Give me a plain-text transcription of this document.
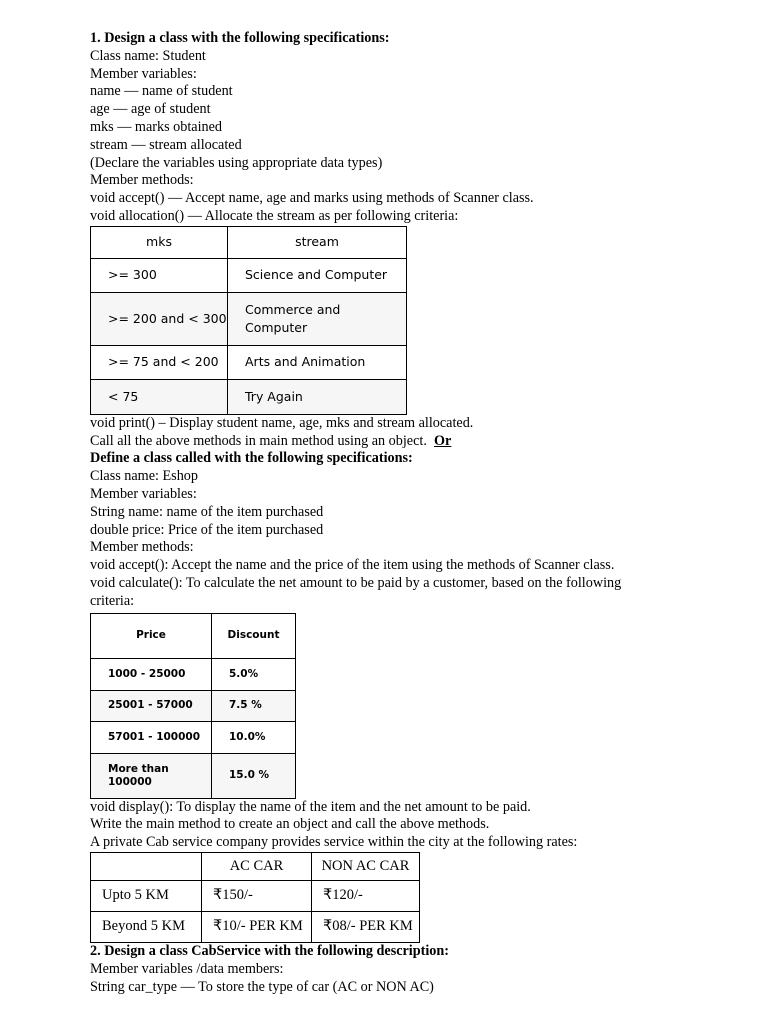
1. Design a class with the following specifications:
Class name: Student
Member variables:
name — name of student
age — age of student
mks — marks obtained
stream — stream allocated
(Declare the variables using appropriate data types)
Member methods:
void accept() — Accept name, age and marks using methods of Scanner class.
void allocation() — Allocate the stream as per following criteria:
mks	stream
>= 300	Science and Computer
>= 200 and < 300	Commerce and Computer
>= 75 and < 200	Arts and Animation
< 75	Try Again
void print() – Display student name, age, mks and stream allocated.
Call all the above methods in main method using an object. Or
Define a class called with the following specifications:
Class name: Eshop
Member variables:
String name: name of the item purchased
double price: Price of the item purchased
Member methods:
void accept(): Accept the name and the price of the item using the methods of Scanner class.
void calculate(): To calculate the net amount to be paid by a customer, based on the following
criteria:
Price	Discount
1000 - 25000	5.0%
25001 - 57000	7.5 %
57001 - 100000	10.0%
More than 100000	15.0 %
void display(): To display the name of the item and the net amount to be paid.
Write the main method to create an object and call the above methods.
A private Cab service company provides service within the city at the following rates:
	AC CAR	NON AC CAR
Upto 5 KM	₹150/-	₹120/-
Beyond 5 KM	₹10/- PER KM	₹08/- PER KM
2. Design a class CabService with the following description:
Member variables /data members:
String car_type — To store the type of car (AC or NON AC)
